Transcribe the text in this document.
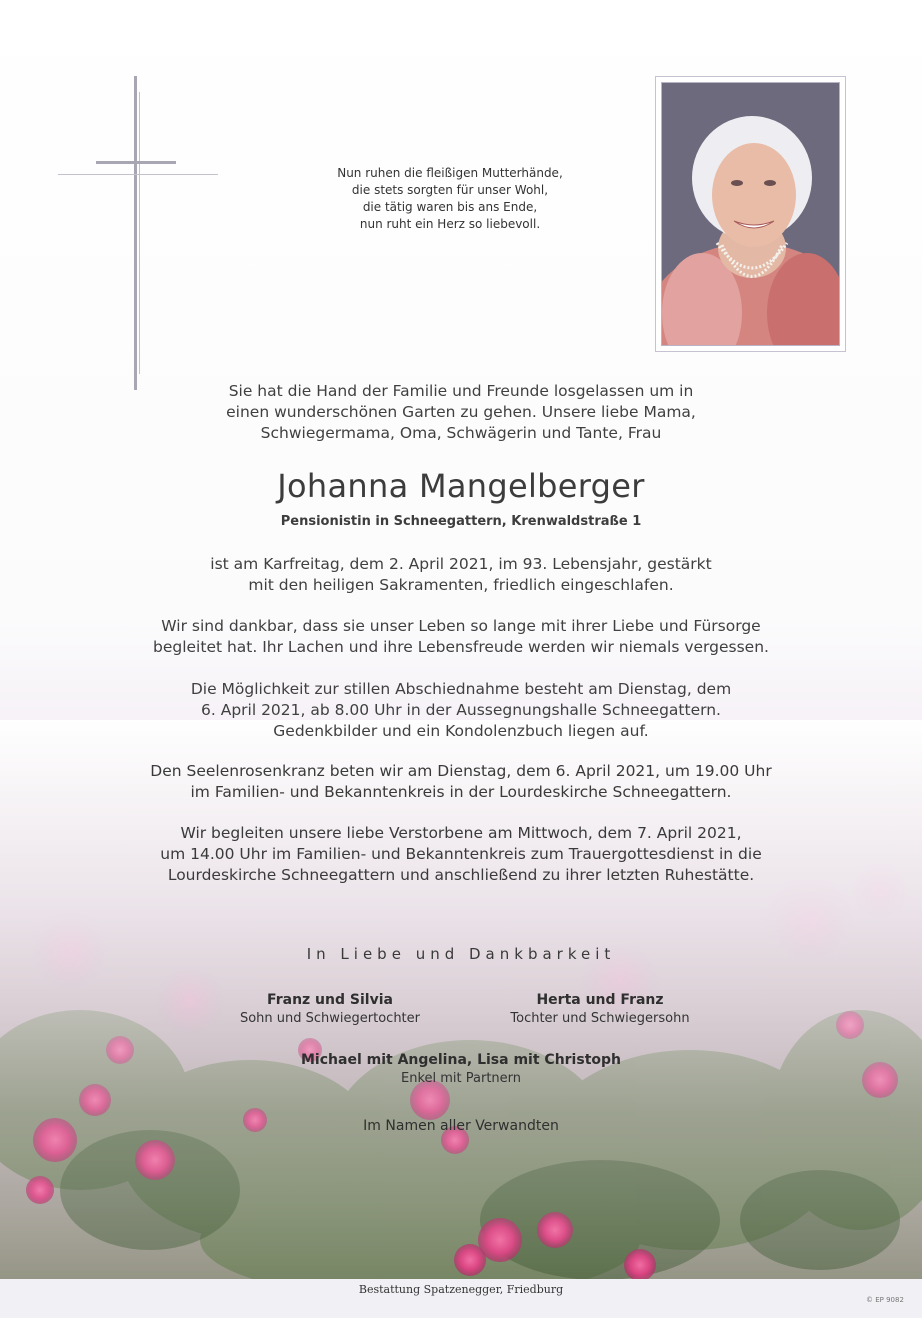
Nun ruhen die fleißigen Mutterhände,
die stets sorgten für unser Wohl,
die tätig waren bis ans Ende,
nun ruht ein Herz so liebevoll.
Sie hat die Hand der Familie und Freunde losgelassen um in
einen wunderschönen Garten zu gehen. Unsere liebe Mama,
Schwiegermama, Oma, Schwägerin und Tante, Frau
Johanna Mangelberger
Pensionistin in Schneegattern, Krenwaldstraße 1
ist am Karfreitag, dem 2. April 2021, im 93. Lebensjahr, gestärkt
mit den heiligen Sakramenten, friedlich eingeschlafen.
Wir sind dankbar, dass sie unser Leben so lange mit ihrer Liebe und Fürsorge
begleitet hat. Ihr Lachen und ihre Lebensfreude werden wir niemals vergessen.
Die Möglichkeit zur stillen Abschiednahme besteht am Dienstag, dem
6. April 2021, ab 8.00 Uhr in der Aussegnungshalle Schneegattern.
Gedenkbilder und ein Kondolenzbuch liegen auf.
Den Seelenrosenkranz beten wir am Dienstag, dem 6. April 2021, um 19.00 Uhr
im Familien- und Bekanntenkreis in der Lourdeskirche Schneegattern.
Wir begleiten unsere liebe Verstorbene am Mittwoch, dem 7. April 2021,
um 14.00 Uhr im Familien- und Bekanntenkreis zum Trauergottesdienst in die
Lourdeskirche Schneegattern und anschließend zu ihrer letzten Ruhestätte.
In Liebe und Dankbarkeit
Franz und Silvia
Sohn und Schwiegertochter
Herta und Franz
Tochter und Schwiegersohn
Michael mit Angelina, Lisa mit Christoph
Enkel mit Partnern
Im Namen aller Verwandten
Bestattung Spatzenegger, Friedburg
© EP 9082
